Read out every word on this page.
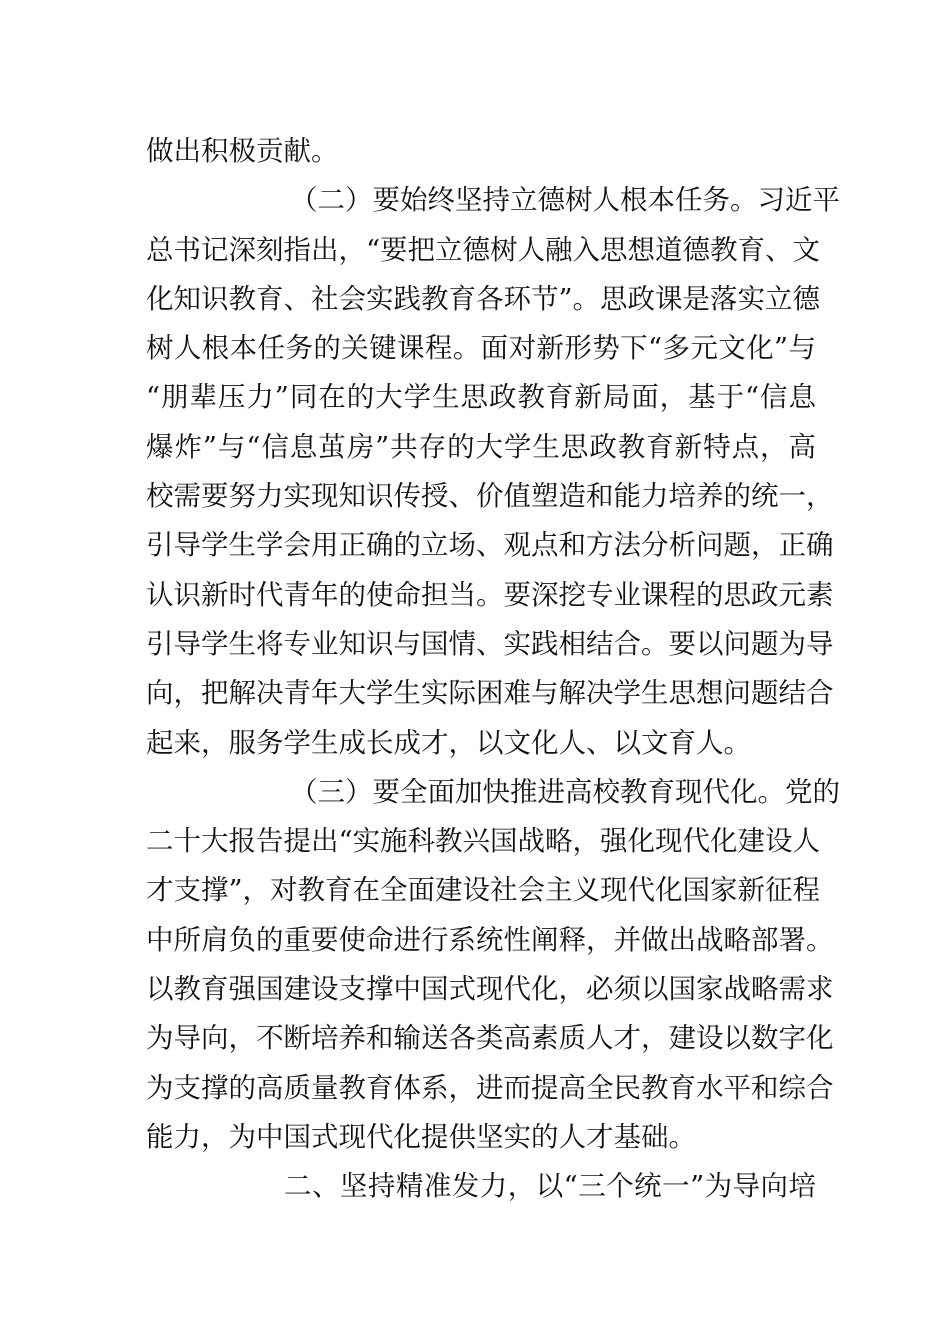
做出积极贡献。
（二）要始终坚持立德树人根本任务。习近平
总书记深刻指出，“要把立德树人融入思想道德教育、文
化知识教育、社会实践教育各环节”。思政课是落实立德
树人根本任务的关键课程。面对新形势下“多元文化”与
“朋辈压力”同在的大学生思政教育新局面，基于“信息
爆炸”与“信息茧房”共存的大学生思政教育新特点，高
校需要努力实现知识传授、价值塑造和能力培养的统一，
引导学生学会用正确的立场、观点和方法分析问题，正确
认识新时代青年的使命担当。要深挖专业课程的思政元素
引导学生将专业知识与国情、实践相结合。要以问题为导
向，把解决青年大学生实际困难与解决学生思想问题结合
起来，服务学生成长成才，以文化人、以文育人。
（三）要全面加快推进高校教育现代化。党的
二十大报告提出“实施科教兴国战略，强化现代化建设人
才支撑”，对教育在全面建设社会主义现代化国家新征程
中所肩负的重要使命进行系统性阐释，并做出战略部署。
以教育强国建设支撑中国式现代化，必须以国家战略需求
为导向，不断培养和输送各类高素质人才，建设以数字化
为支撑的高质量教育体系，进而提高全民教育水平和综合
能力，为中国式现代化提供坚实的人才基础。
二、坚持精准发力，以“三个统一”为导向培
